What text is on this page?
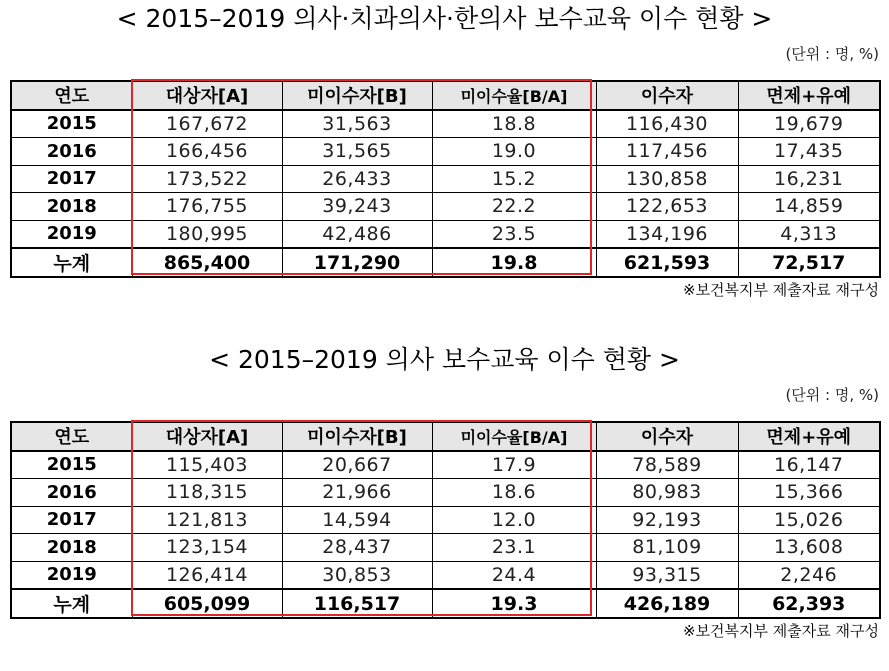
< 2015–2019 의사·치과의사·한의사 보수교육 이수 현황 >
(단위 : 명, %)
연도	대상자[A]	미이수자[B]	미이수율[B/A]	이수자	면제+유예
2015	167,672	31,563	18.8	116,430	19,679
2016	166,456	31,565	19.0	117,456	17,435
2017	173,522	26,433	15.2	130,858	16,231
2018	176,755	39,243	22.2	122,653	14,859
2019	180,995	42,486	23.5	134,196	4,313
누계	865,400	171,290	19.8	621,593	72,517
※보건복지부 제출자료 재구성
< 2015–2019 의사 보수교육 이수 현황 >
(단위 : 명, %)
연도	대상자[A]	미이수자[B]	미이수율[B/A]	이수자	면제+유예
2015	115,403	20,667	17.9	78,589	16,147
2016	118,315	21,966	18.6	80,983	15,366
2017	121,813	14,594	12.0	92,193	15,026
2018	123,154	28,437	23.1	81,109	13,608
2019	126,414	30,853	24.4	93,315	2,246
누계	605,099	116,517	19.3	426,189	62,393
※보건복지부 제출자료 재구성
